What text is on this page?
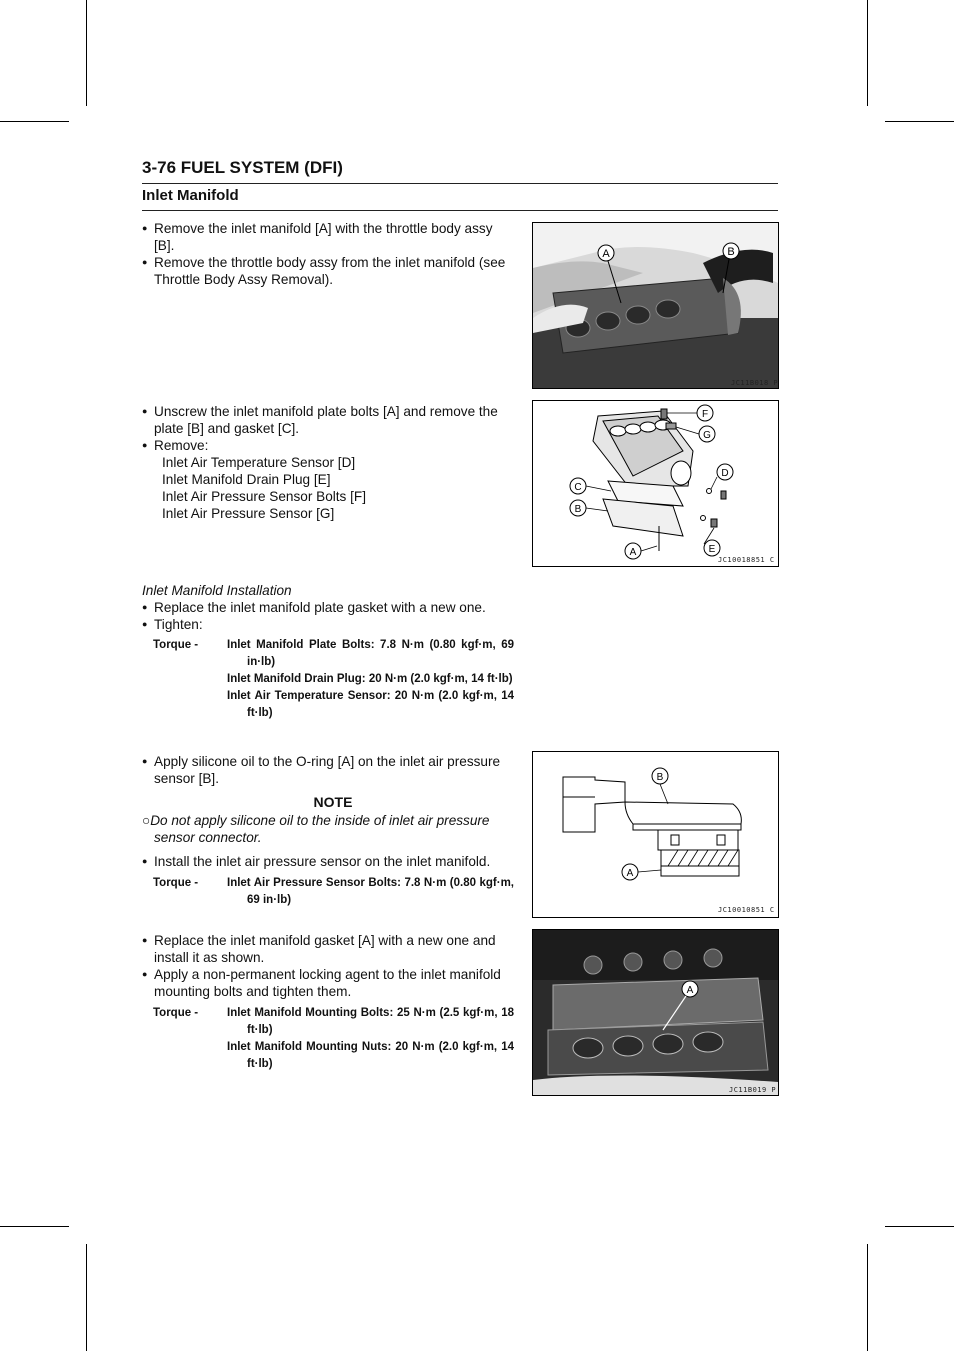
3-76 FUEL SYSTEM (DFI)
Inlet Manifold

● Remove the inlet manifold [A] with the throttle body assy [B].

● Remove the throttle body assy from the inlet manifold (see Throttle Body Assy Removal).

A	B
JC11B018 P

● Unscrew the inlet manifold plate bolts [A] and remove the plate [B] and gasket [C].

● Remove:

Inlet Air Temperature Sensor [D]

Inlet Manifold Drain Plug [E]

Inlet Air Pressure Sensor Bolts [F]

Inlet Air Pressure Sensor [G]

A
B
C
D
E
F
G
JC10018851 C
Inlet Manifold Installation

● Replace the inlet manifold plate gasket with a new one.

● Tighten:

Torque -	Inlet Manifold Plate Bolts: 7.8 N·m (0.80 kgf·m, 69 in·lb)
Inlet Manifold Drain Plug: 20 N·m (2.0 kgf·m, 14 ft·lb)
Inlet Air Temperature Sensor: 20 N·m (2.0 kgf·m, 14 ft·lb)

● Apply silicone oil to the O-ring [A] on the inlet air pressure sensor [B].

NOTE

○Do not apply silicone oil to the inside of inlet air pressure sensor connector.

● Install the inlet air pressure sensor on the inlet manifold.

Torque -	Inlet Air Pressure Sensor Bolts: 7.8 N·m (0.80 kgf·m, 69 in·lb)
B
A
JC10010851 C

● Replace the inlet manifold gasket [A] with a new one and install it as shown.

● Apply a non-permanent locking agent to the inlet manifold mounting bolts and tighten them.

Torque -	Inlet Manifold Mounting Bolts: 25 N·m (2.5 kgf·m, 18 ft·lb)
Inlet Manifold Mounting Nuts: 20 N·m (2.0 kgf·m, 14 ft·lb)
A
JC11B019 P
